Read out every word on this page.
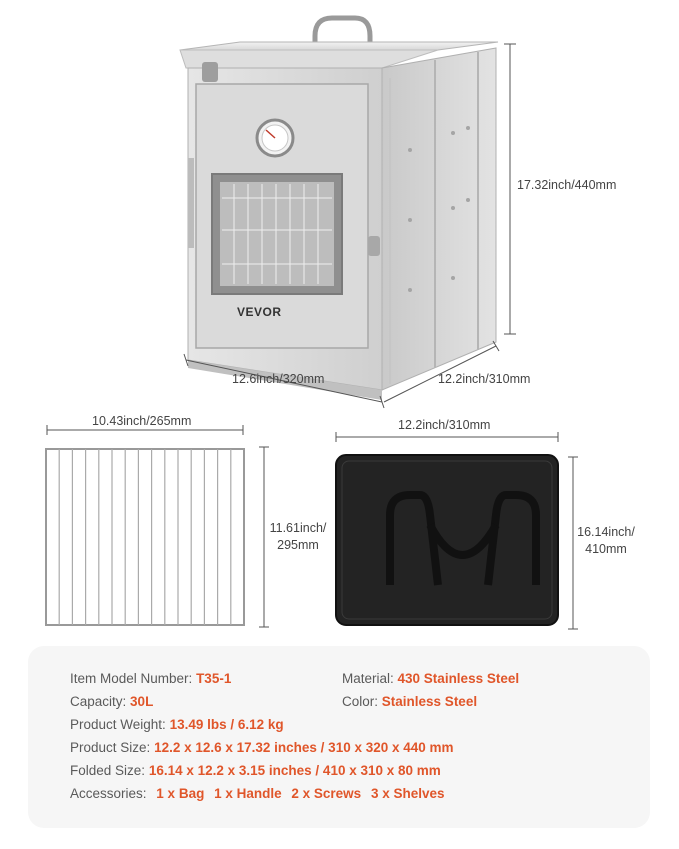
VEVOR
17.32inch/440mm
12.6inch/320mm	12.2inch/310mm
10.43inch/265mm
11.61inch/
295mm
12.2inch/310mm
16.14inch/
410mm
Item Model Number: T35-1	Material: 430 Stainless Steel
Capacity: 30L	Color: Stainless Steel
Product Weight: 13.49 lbs / 6.12 kg
Product Size: 12.2 x 12.6 x 17.32 inches / 310 x 320 x 440 mm
Folded Size: 16.14 x 12.2 x 3.15 inches / 410 x 310 x 80 mm
Accessories: 1 x Bag 1 x Handle 2 x Screws 3 x Shelves
